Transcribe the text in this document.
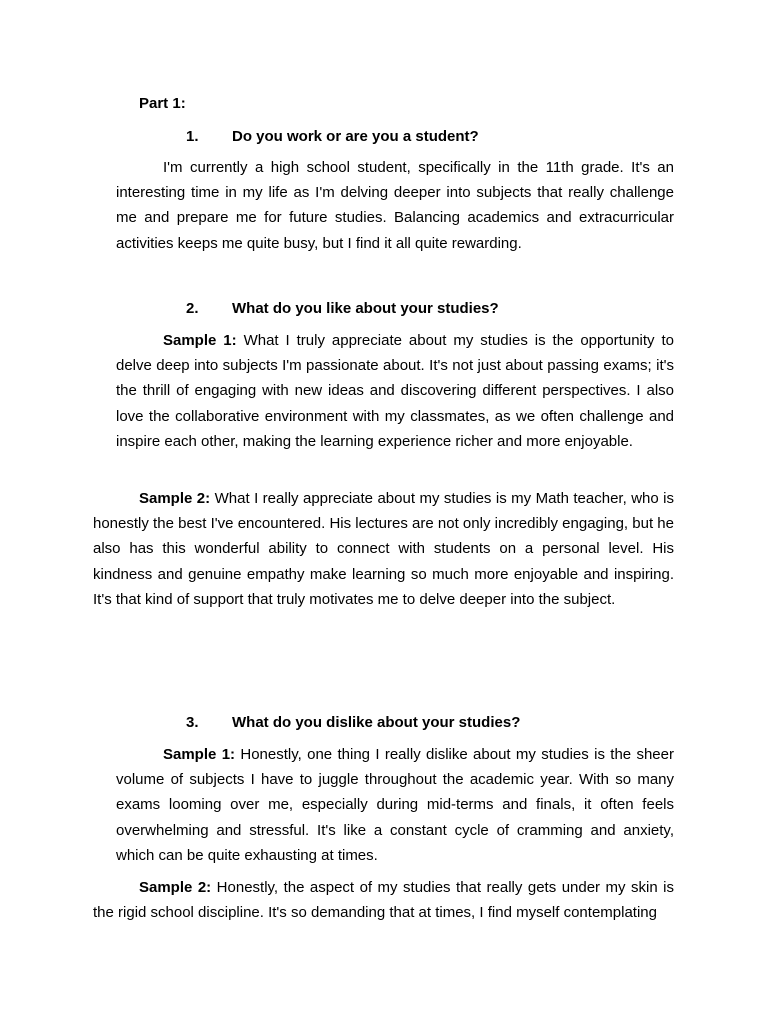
Part 1:
1. Do you work or are you a student?

I'm currently a high school student, specifically in the 11th grade. It's an interesting time in my life as I'm delving deeper into subjects that really challenge me and prepare me for future studies. Balancing academics and extracurricular activities keeps me quite busy, but I find it all quite rewarding.

2. What do you like about your studies?

Sample 1: What I truly appreciate about my studies is the opportunity to delve deep into subjects I'm passionate about. It's not just about passing exams; it's the thrill of engaging with new ideas and discovering different perspectives. I also love the collaborative environment with my classmates, as we often challenge and inspire each other, making the learning experience richer and more enjoyable.

Sample 2: What I really appreciate about my studies is my Math teacher, who is honestly the best I've encountered. His lectures are not only incredibly engaging, but he also has this wonderful ability to connect with students on a personal level. His kindness and genuine empathy make learning so much more enjoyable and inspiring. It's that kind of support that truly motivates me to delve deeper into the subject.

3. What do you dislike about your studies?

Sample 1: Honestly, one thing I really dislike about my studies is the sheer volume of subjects I have to juggle throughout the academic year. With so many exams looming over me, especially during mid-terms and finals, it often feels overwhelming and stressful. It's like a constant cycle of cramming and anxiety, which can be quite exhausting at times.

Sample 2: Honestly, the aspect of my studies that really gets under my skin is the rigid school discipline. It's so demanding that at times, I find myself contemplating
